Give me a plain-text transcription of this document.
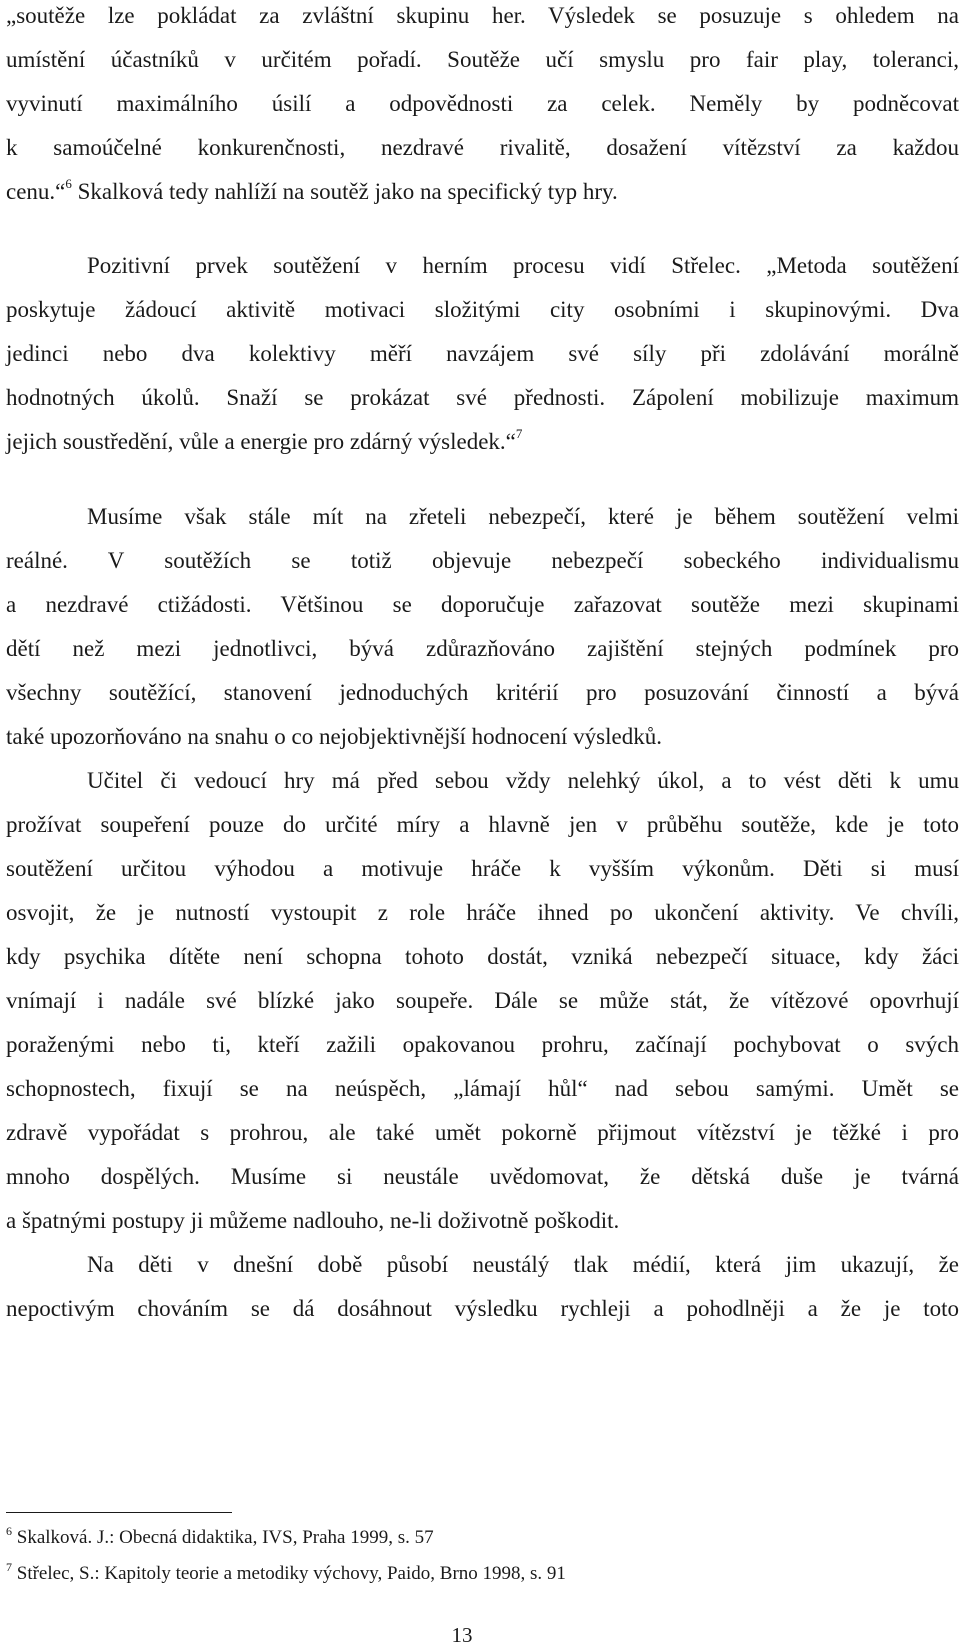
„soutěže lze pokládat za zvláštní skupinu her. Výsledek se posuzuje s ohledem na
umístění účastníků v určitém pořadí. Soutěže učí smyslu pro fair play, toleranci,
vyvinutí maximálního úsilí a odpovědnosti za celek. Neměly by podněcovat
k samoúčelné konkurenčnosti, nezdravé rivalitě, dosažení vítězství za každou
cenu.“$^6$ Skalková tedy nahlíží na soutěž jako na specifický typ hry.
Pozitivní prvek soutěžení v herním procesu vidí Střelec. „Metoda soutěžení
poskytuje žádoucí aktivitě motivaci složitými city osobními i skupinovými. Dva
jedinci nebo dva kolektivy měří navzájem své síly při zdolávání morálně
hodnotných úkolů. Snaží se prokázat své přednosti. Zápolení mobilizuje maximum
jejich soustředění, vůle a energie pro zdárný výsledek.“$^7$
Musíme však stále mít na zřeteli nebezpečí, které je během soutěžení velmi
reálné. V soutěžích se totiž objevuje nebezpečí sobeckého individualismu
a nezdravé ctižádosti. Většinou se doporučuje zařazovat soutěže mezi skupinami
dětí než mezi jednotlivci, bývá zdůrazňováno zajištění stejných podmínek pro
všechny soutěžící, stanovení jednoduchých kritérií pro posuzování činností a bývá
také upozorňováno na snahu o co nejobjektivnější hodnocení výsledků.
Učitel či vedoucí hry má před sebou vždy nelehký úkol, a to vést děti k umu
prožívat soupeření pouze do určité míry a hlavně jen v průběhu soutěže, kde je toto
soutěžení určitou výhodou a motivuje hráče k vyšším výkonům. Děti si musí
osvojit, že je nutností vystoupit z role hráče ihned po ukončení aktivity. Ve chvíli,
kdy psychika dítěte není schopna tohoto dostát, vzniká nebezpečí situace, kdy žáci
vnímají i nadále své blízké jako soupeře. Dále se může stát, že vítězové opovrhují
poraženými nebo ti, kteří zažili opakovanou prohru, začínají pochybovat o svých
schopnostech, fixují se na neúspěch, „lámají hůl“ nad sebou samými. Umět se
zdravě vypořádat s prohrou, ale také umět pokorně přijmout vítězství je těžké i pro
mnoho dospělých. Musíme si neustále uvědomovat, že dětská duše je tvárná
a špatnými postupy ji můžeme nadlouho, ne-li doživotně poškodit.
Na děti v dnešní době působí neustálý tlak médií, která jim ukazují, že
nepoctivým chováním se dá dosáhnout výsledku rychleji a pohodlněji a že je toto
$^6$ Skalková. J.: Obecná didaktika, IVS, Praha 1999, s. 57
$^7$ Střelec, S.: Kapitoly teorie a metodiky výchovy, Paido, Brno 1998, s. 91
13
